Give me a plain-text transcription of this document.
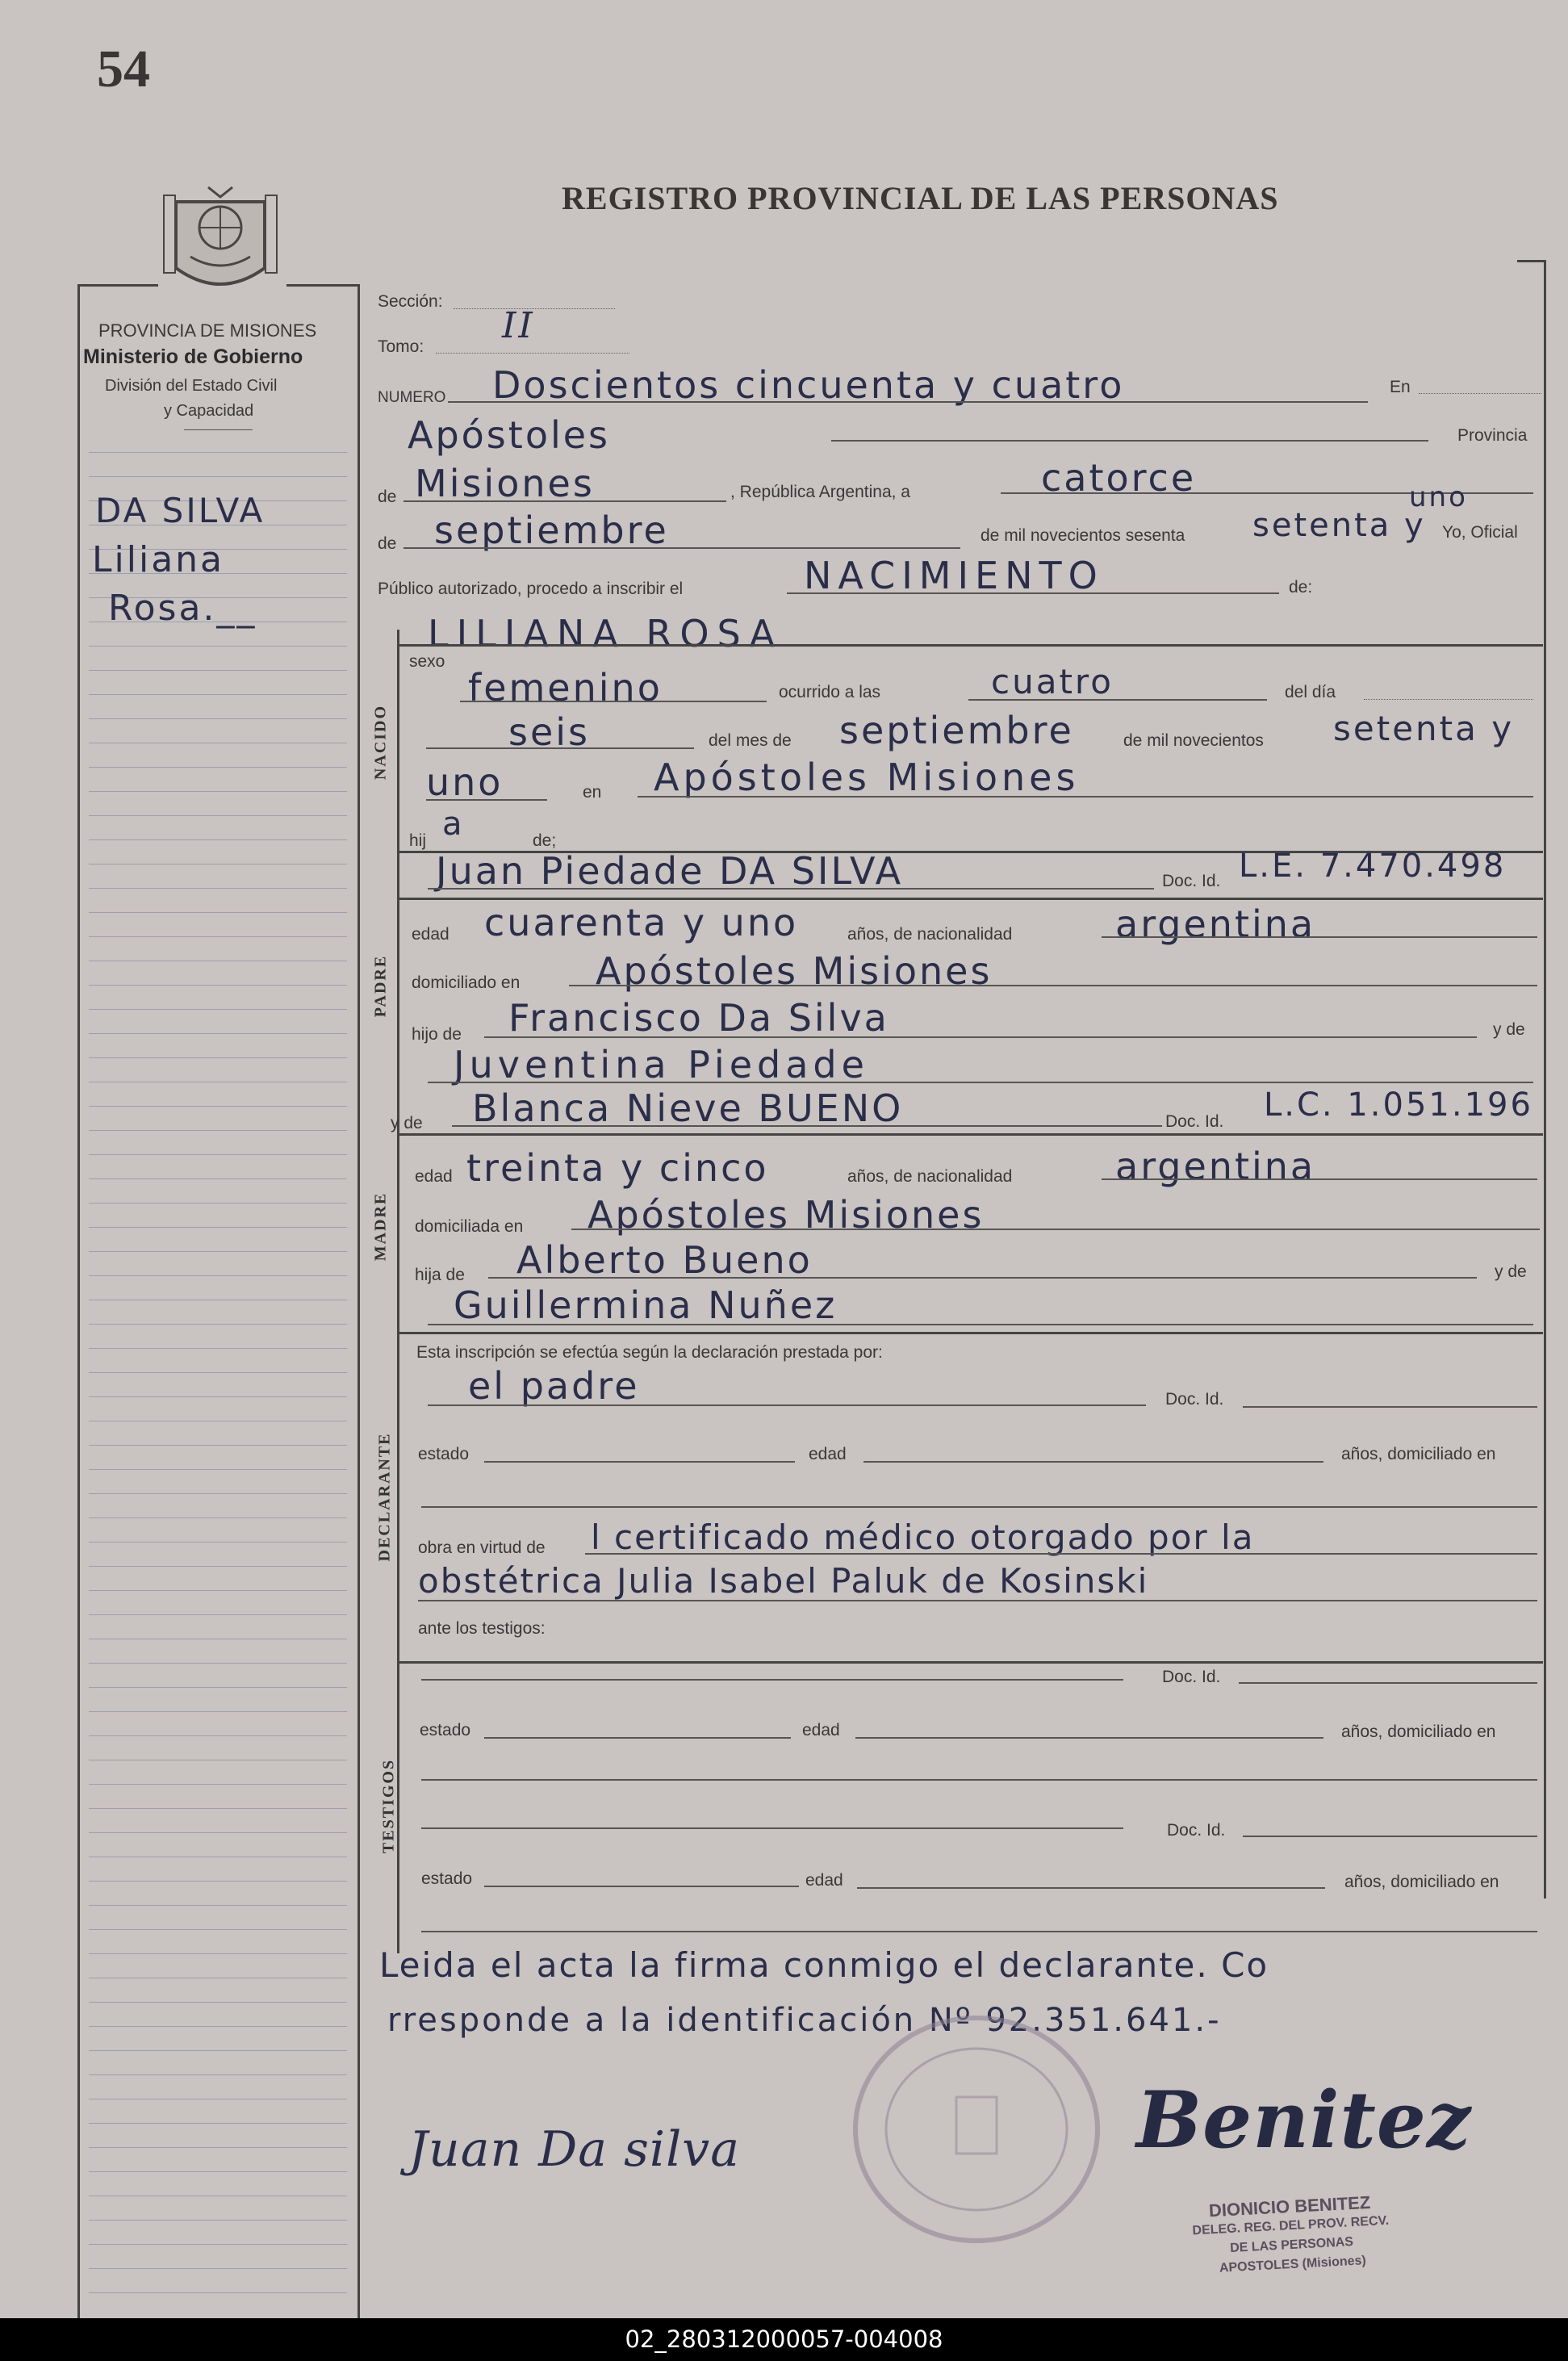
54
REGISTRO PROVINCIAL DE LAS PERSONAS
PROVINCIA DE MISIONES
Ministerio de Gobierno
División del Estado Civil
y Capacidad
DA SILVA
Liliana
Rosa.__
Sección:
Tomo:
II
NUMERO Doscientos cincuenta y cuatro	En
Apóstoles	Provincia
de Misiones	, República Argentina, a	catorce
de septiembre	de mil novecientos sesenta
uno
setenta y Yo, Oficial
Público autorizado, procedo a inscribir el	NACIMIENTO	de:
NACIDO
LILIANA ROSA
sexo
femenino	ocurrido a las	cuatro	del día
seis	del mes de septiembre	de mil novecientos setenta y
uno	en Apóstoles Misiones
hij a	de;
Juan Piedade DA SILVA	Doc. Id. L.E. 7.470.498
PADRE
edad cuarenta y uno	años, de nacionalidad	argentina
domiciliado en Apóstoles Misiones
hijo de Francisco Da Silva	y de
Juventina Piedade
y de Blanca Nieve BUENO	Doc. Id. L.C. 1.051.196
MADRE
edad treinta y cinco	años, de nacionalidad	argentina
domiciliada en Apóstoles Misiones
hija de Alberto Bueno	y de
Guillermina Nuñez
Esta inscripción se efectúa según la declaración prestada por:
el padre	Doc. Id.
DECLARANTE estado	edad	años, domiciliado en
obra en virtud de l certificado médico otorgado por la
obstétrica Julia Isabel Paluk de Kosinski
ante los testigos:
Doc. Id.
TESTIGOS
estado	edad	años, domiciliado en
Doc. Id.
estado	edad	años, domiciliado en
Leida el acta la firma conmigo el declarante. Co
rresponde a la identificación Nº 92.351.641.-
Juan Da silva	Benitez
DIONICIO BENITEZ
DELEG. REG. DEL PROV. RECV.
DE LAS PERSONAS
APOSTOLES (Misiones)
02_280312000057-004008
